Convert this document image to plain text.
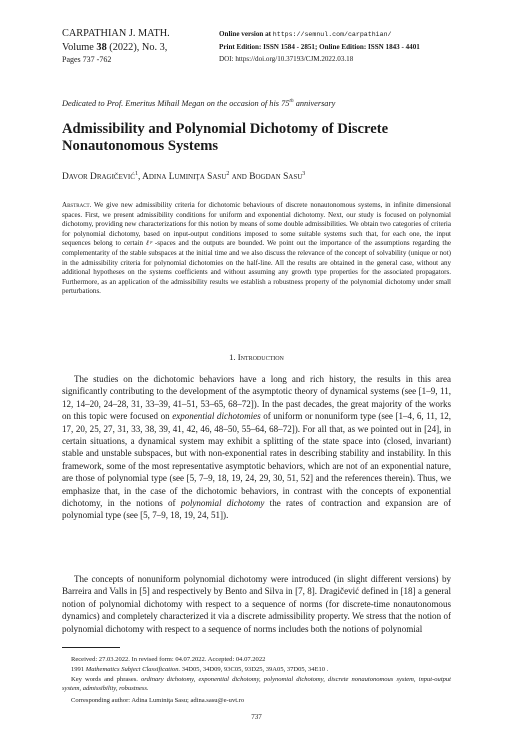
CARPATHIAN J. MATH.
Volume 38 (2022), No. 3,
Pages 737 -762
Online version at https://semnul.com/carpathian/
Print Edition: ISSN 1584 - 2851; Online Edition: ISSN 1843 - 4401
DOI: https://doi.org/10.37193/CJM.2022.03.18
Dedicated to Prof. Emeritus Mihail Megan on the occasion of his 75th anniversary
Admissibility and Polynomial Dichotomy of Discrete Nonautonomous Systems
Davor Dragičević$^1$, Adina Luminiţa Sasu$^2$ and Bogdan Sasu$^3$
Abstract. We give new admissibility criteria for dichotomic behaviours of discrete nonautonomous systems, in infinite dimensional spaces. First, we present admissibility conditions for uniform and exponential dichotomy. Next, our study is focused on polynomial dichotomy, providing new characterizations for this notion by means of some double admissibilities. We obtain two categories of criteria for polynomial dichotomy, based on input-output conditions imposed to some suitable systems such that, for each one, the input sequences belong to certain ℓᵖ -spaces and the outputs are bounded. We point out the importance of the assumptions regarding the complementarity of the stable subspaces at the initial time and we also discuss the relevance of the concept of solvability (unique or not) in the admissibility criteria for polynomial dichotomies on the half-line. All the results are obtained in the general case, without any additional hypotheses on the systems coefficients and without assuming any growth type properties for the associated propagators. Furthermore, as an application of the admissibility results we establish a robustness property of the polynomial dichotomy under small perturbations.
1. Introduction
The studies on the dichotomic behaviors have a long and rich history, the results in this area significantly contributing to the development of the asymptotic theory of dynamical systems (see [1–9, 11, 12, 14–20, 24–28, 31, 33–39, 41–51, 53–65, 68–72]). In the past decades, the great majority of the works on this topic were focused on exponential dichotomies of uniform or nonuniform type (see [1–4, 6, 11, 12, 17, 20, 25, 27, 31, 33, 38, 39, 41, 42, 46, 48–50, 55–64, 68–72]). For all that, as we pointed out in [24], in certain situations, a dynamical system may exhibit a splitting of the state space into (closed, invariant) stable and unstable subspaces, but with non-exponential rates in describing stability and instability. In this framework, some of the most representative asymptotic behaviors, which are not of an exponential nature, are those of polynomial type (see [5, 7–9, 18, 19, 24, 29, 30, 51, 52] and the references therein). Thus, we emphasize that, in the case of the dichotomic behaviors, in contrast with the concepts of exponential dichotomy, in the notions of polynomial dichotomy the rates of contraction and expansion are of polynomial type (see [5, 7–9, 18, 19, 24, 51]).
The concepts of nonuniform polynomial dichotomy were introduced (in slight different versions) by Barreira and Valls in [5] and respectively by Bento and Silva in [7, 8]. Dragičević defined in [18] a general notion of polynomial dichotomy with respect to a sequence of norms (for discrete-time nonautonomous dynamics) and completely characterized it via a discrete admissibility property. We stress that the notion of polynomial dichotomy with respect to a sequence of norms includes both the notions of polynomial
Received: 27.03.2022. In revised form: 04.07.2022. Accepted: 04.07.2022
1991 Mathematics Subject Classification. 34D05, 34D09, 93C05, 93D25, 39A05, 37D05, 34E10 .
Key words and phrases. ordinary dichotomy, exponential dichotomy, polynomial dichotomy, discrete nonautonomous system, input-output system, admissibility, robustness.
Corresponding author: Adina Luminiţa Sasu; adina.sasu@e-uvt.ro
737
